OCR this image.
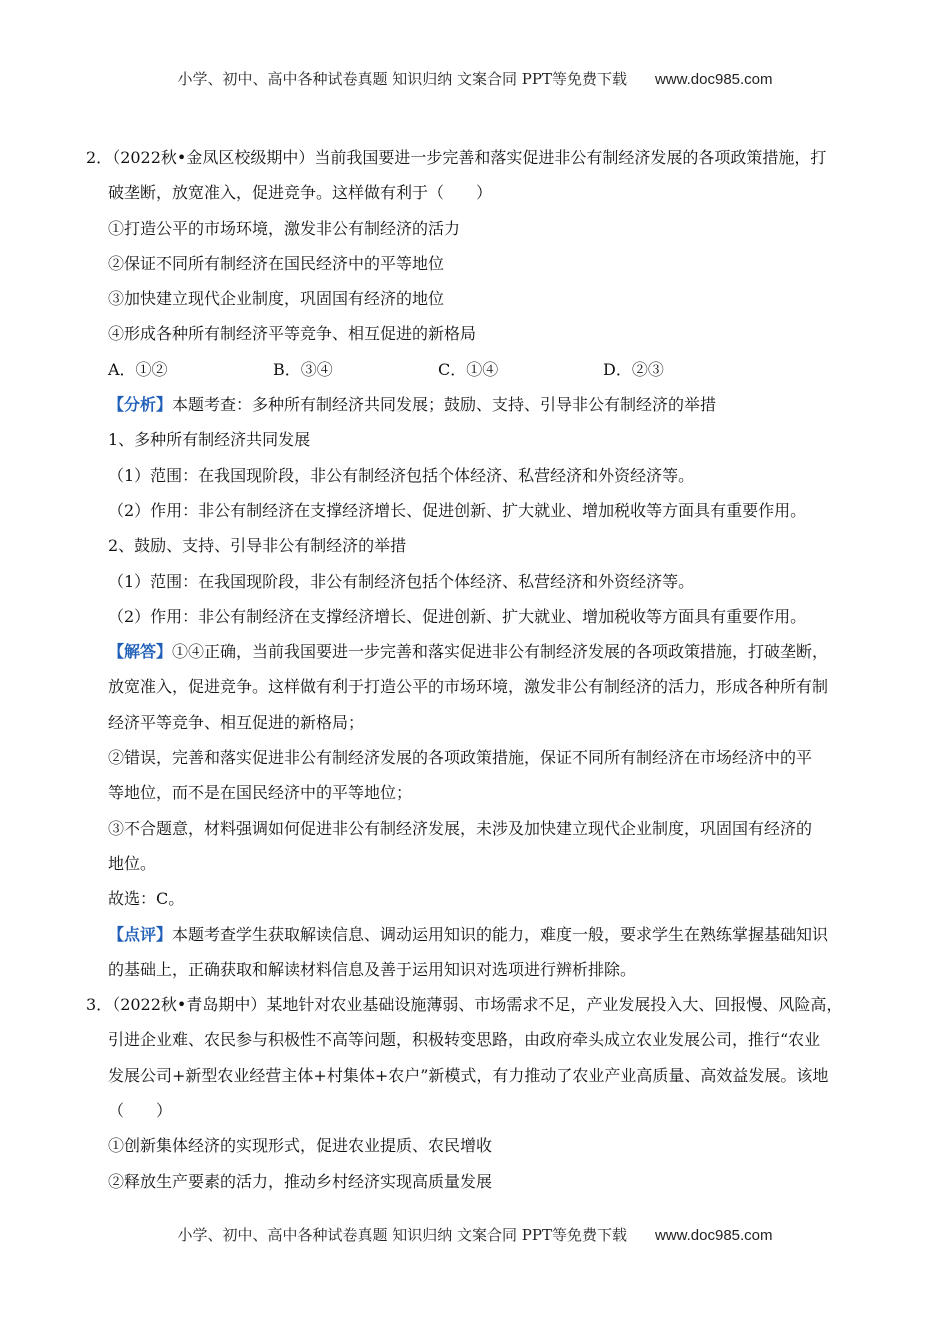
小学、初中、高中各种试卷真题 知识归纳 文案合同 PPT等免费下载 www.doc985.com
2．（2022秋•金凤区校级期中）当前我国要进一步完善和落实促进非公有制经济发展的各项政策措施，打
破垄断，放宽准入，促进竞争。这样做有利于（　　）
①打造公平的市场环境，激发非公有制经济的活力
②保证不同所有制经济在国民经济中的平等地位
③加快建立现代企业制度，巩固国有经济的地位
④形成各种所有制经济平等竞争、相互促进的新格局
A．①②	B．③④	C．①④	D．②③
【分析】本题考查：多种所有制经济共同发展；鼓励、支持、引导非公有制经济的举措
1、多种所有制经济共同发展
（1）范围：在我国现阶段，非公有制经济包括个体经济、私营经济和外资经济等。
（2）作用：非公有制经济在支撑经济增长、促进创新、扩大就业、增加税收等方面具有重要作用。
2、鼓励、支持、引导非公有制经济的举措
（1）范围：在我国现阶段，非公有制经济包括个体经济、私营经济和外资经济等。
（2）作用：非公有制经济在支撑经济增长、促进创新、扩大就业、增加税收等方面具有重要作用。
【解答】①④正确，当前我国要进一步完善和落实促进非公有制经济发展的各项政策措施，打破垄断，
放宽准入，促进竞争。这样做有利于打造公平的市场环境，激发非公有制经济的活力，形成各种所有制
经济平等竞争、相互促进的新格局；
②错误，完善和落实促进非公有制经济发展的各项政策措施，保证不同所有制经济在市场经济中的平
等地位，而不是在国民经济中的平等地位；
③不合题意，材料强调如何促进非公有制经济发展，未涉及加快建立现代企业制度，巩固国有经济的
地位。
故选：C。
【点评】本题考查学生获取解读信息、调动运用知识的能力，难度一般，要求学生在熟练掌握基础知识
的基础上，正确获取和解读材料信息及善于运用知识对选项进行辨析排除。
3．（2022秋•青岛期中）某地针对农业基础设施薄弱、市场需求不足，产业发展投入大、回报慢、风险高，
引进企业难、农民参与积极性不高等问题，积极转变思路，由政府牵头成立农业发展公司，推行“农业
发展公司+新型农业经营主体+村集体+农户”新模式，有力推动了农业产业高质量、高效益发展。该地
（　　）
①创新集体经济的实现形式，促进农业提质、农民增收
②释放生产要素的活力，推动乡村经济实现高质量发展
小学、初中、高中各种试卷真题 知识归纳 文案合同 PPT等免费下载 www.doc985.com
